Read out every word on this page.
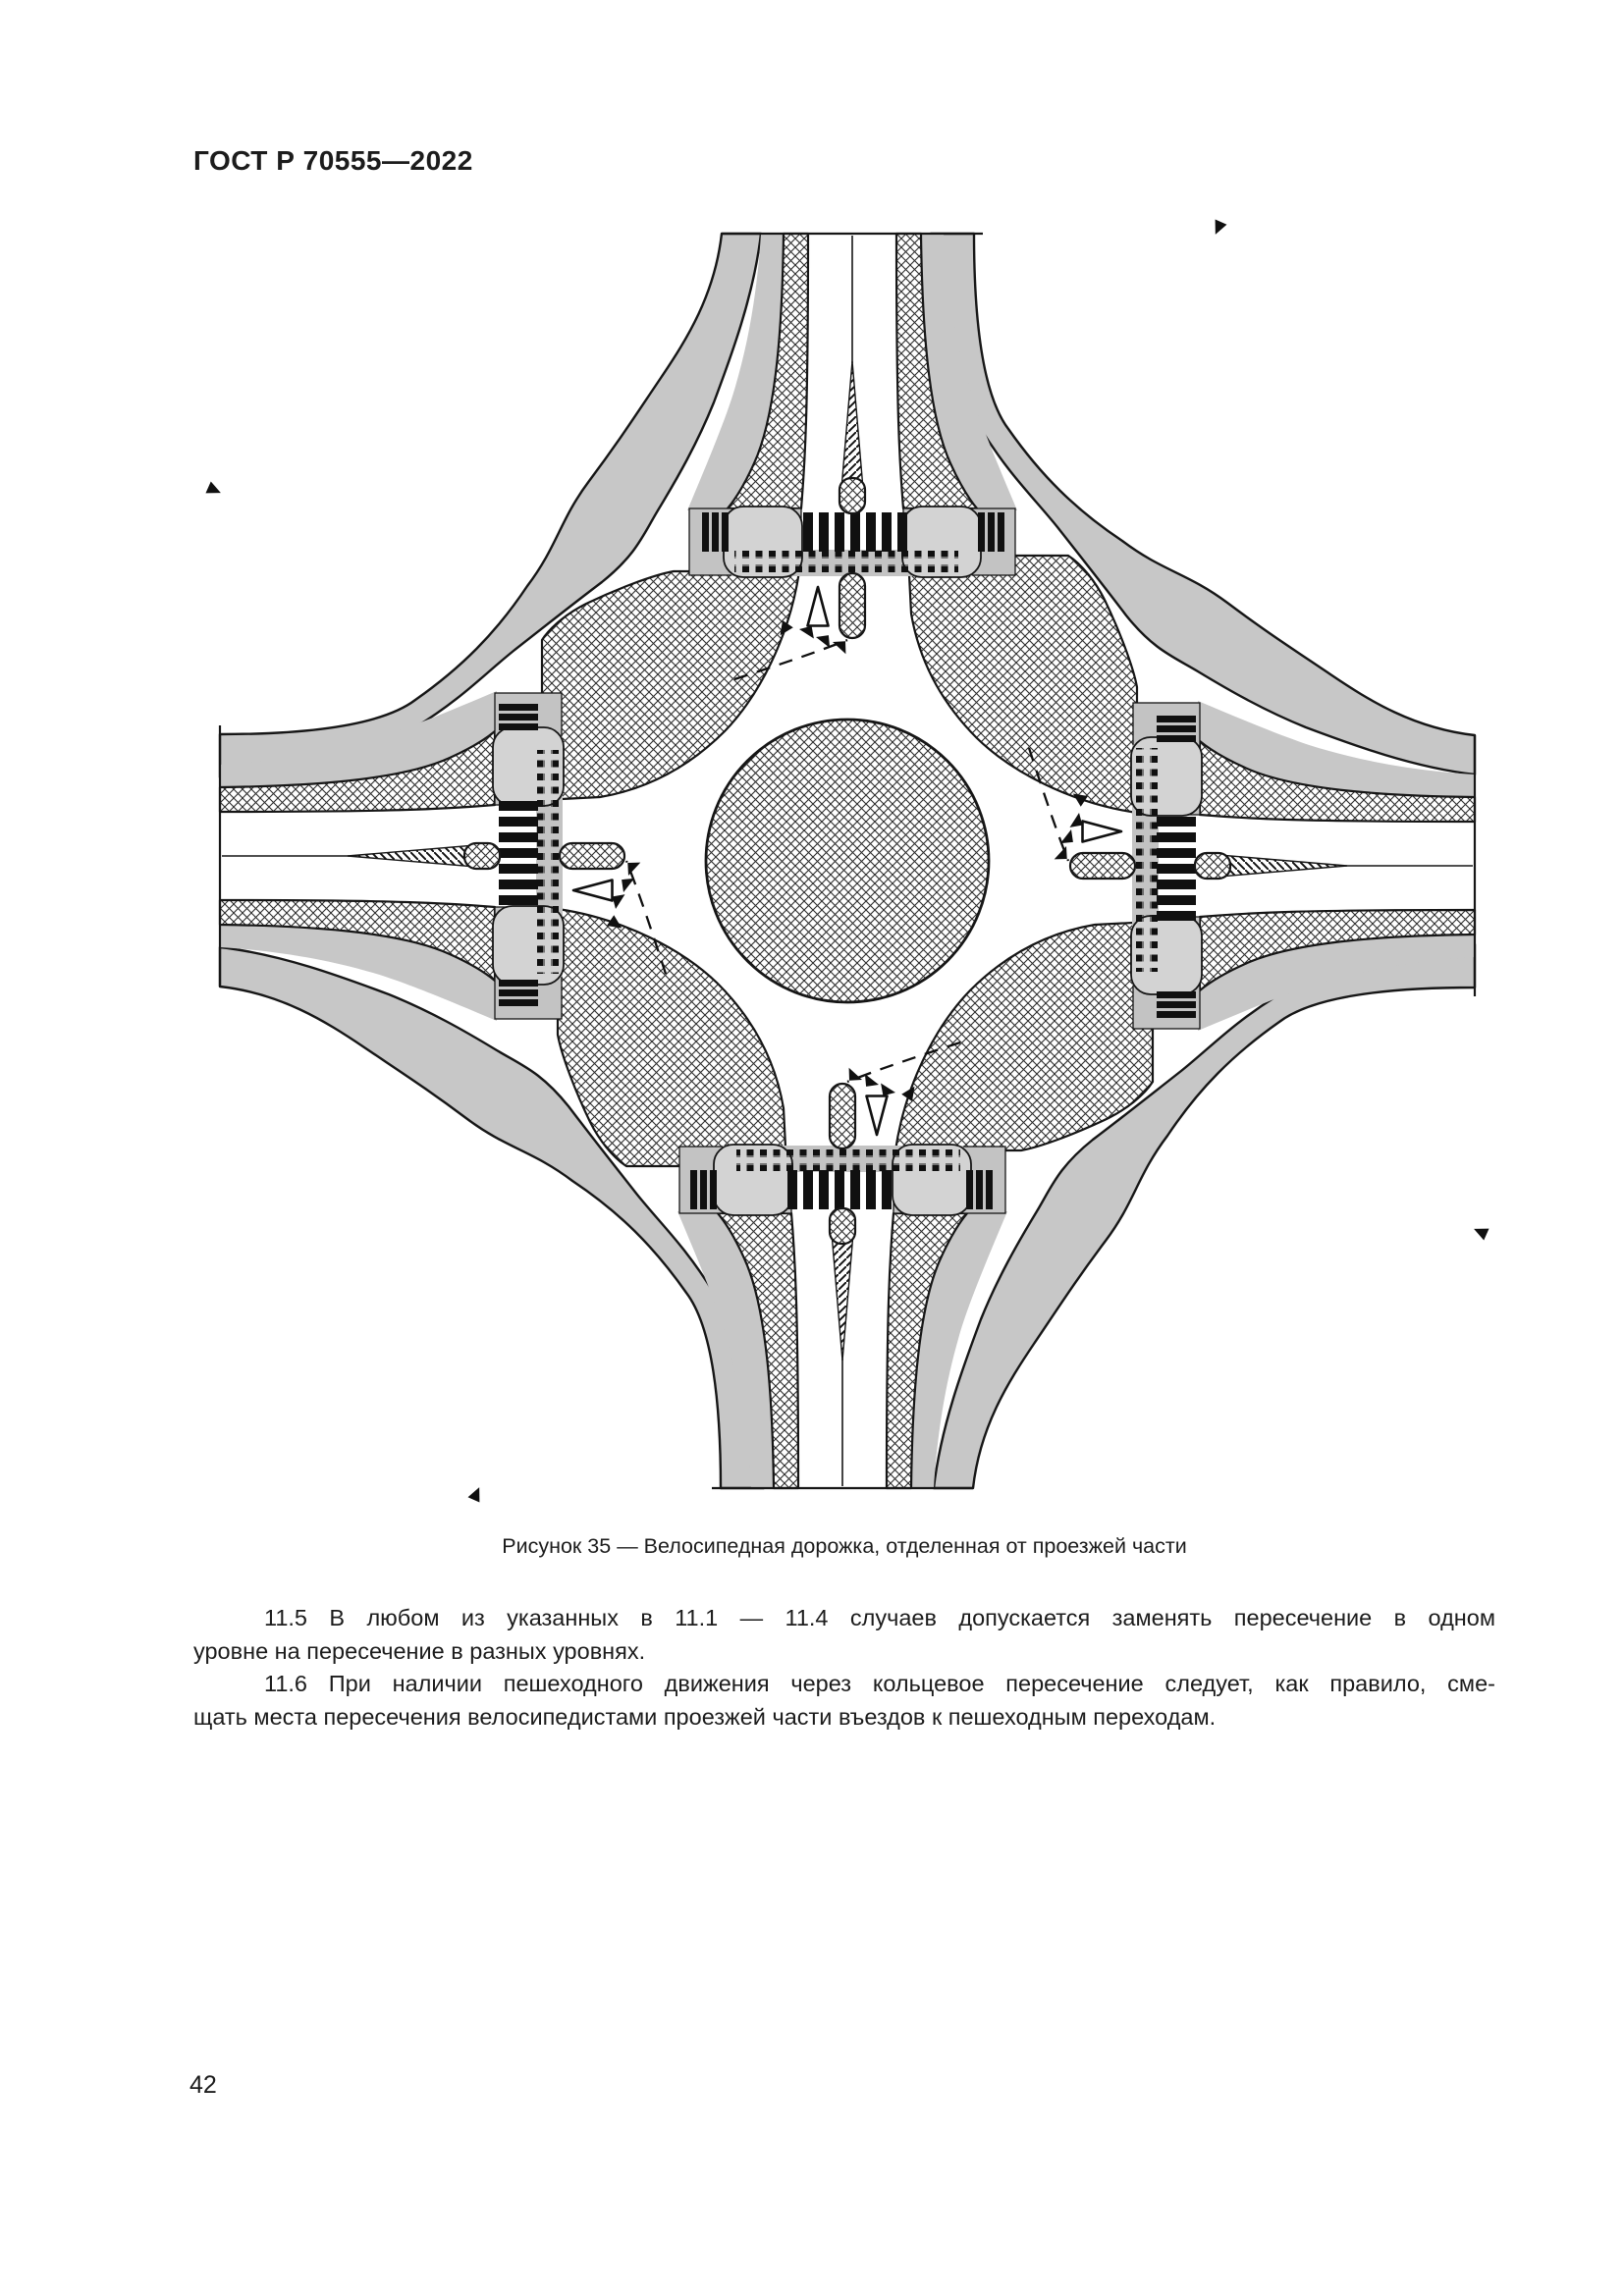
ГОСТ Р 70555—2022
Рисунок 35 — Велосипедная дорожка, отделенная от проезжей части
11.5 В любом из указанных в 11.1 — 11.4 случаев допускается заменять пересечение в одном
уровне на пересечение в разных уровнях.
11.6 При наличии пешеходного движения через кольцевое пересечение следует, как правило, сме-
щать места пересечения велосипедистами проезжей части въездов к пешеходным переходам.
42
